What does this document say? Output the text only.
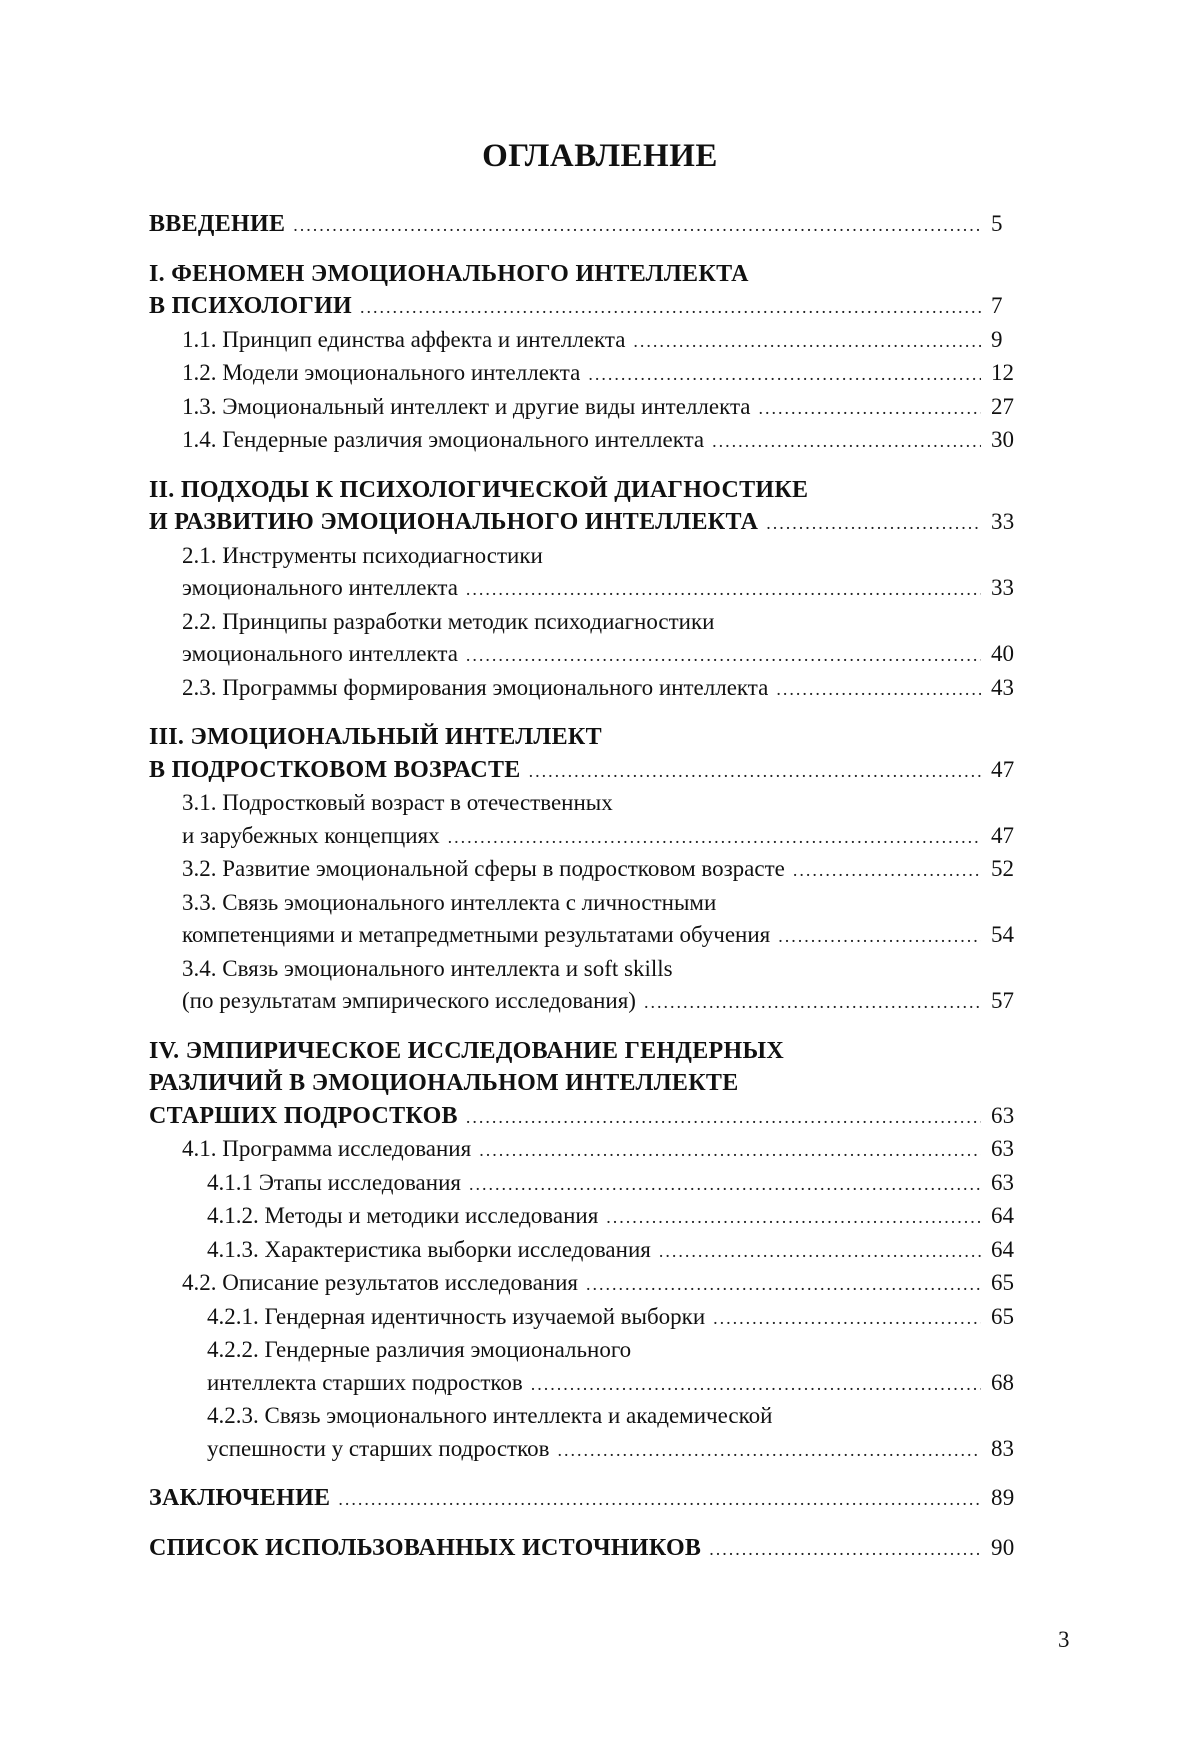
ОГЛАВЛЕНИЕ
ВВЕДЕНИЕ .....	5
I. ФЕНОМЕН ЭМОЦИОНАЛЬНОГО ИНТЕЛЛЕКТА
В ПСИХОЛОГИИ .....	7
1.1. Принцип единства аффекта и интеллекта .....	9
1.2. Модели эмоционального интеллекта .....	12
1.3. Эмоциональный интеллект и другие виды интеллекта .....	27
1.4. Гендерные различия эмоционального интеллекта .....	30
II. ПОДХОДЫ К ПСИХОЛОГИЧЕСКОЙ ДИАГНОСТИКЕ
И РАЗВИТИЮ ЭМОЦИОНАЛЬНОГО ИНТЕЛЛЕКТА .....	33
2.1. Инструменты психодиагностики
эмоционального интеллекта .....	33
2.2. Принципы разработки методик психодиагностики
эмоционального интеллекта .....	40
2.3. Программы формирования эмоционального интеллекта .....	43
III. ЭМОЦИОНАЛЬНЫЙ ИНТЕЛЛЕКТ
В ПОДРОСТКОВОМ ВОЗРАСТЕ .....	47
3.1. Подростковый возраст в отечественных
и зарубежных концепциях .....	47
3.2. Развитие эмоциональной сферы в подростковом возрасте .....	52
3.3. Связь эмоционального интеллекта с личностными
компетенциями и метапредметными результатами обучения .....	54
3.4. Связь эмоционального интеллекта и soft skills
(по результатам эмпирического исследования) .....	57
IV. ЭМПИРИЧЕСКОЕ ИССЛЕДОВАНИЕ ГЕНДЕРНЫХ
РАЗЛИЧИЙ В ЭМОЦИОНАЛЬНОМ ИНТЕЛЛЕКТЕ
СТАРШИХ ПОДРОСТКОВ .....	63
4.1. Программа исследования .....	63
4.1.1 Этапы исследования .....	63
4.1.2. Методы и методики исследования .....	64
4.1.3. Характеристика выборки исследования .....	64
4.2. Описание результатов исследования .....	65
4.2.1. Гендерная идентичность изучаемой выборки .....	65
4.2.2. Гендерные различия эмоционального
интеллекта старших подростков .....	68
4.2.3. Связь эмоционального интеллекта и академической
успешности у старших подростков .....	83
ЗАКЛЮЧЕНИЕ .....	89
СПИСОК ИСПОЛЬЗОВАННЫХ ИСТОЧНИКОВ .....	90
3
